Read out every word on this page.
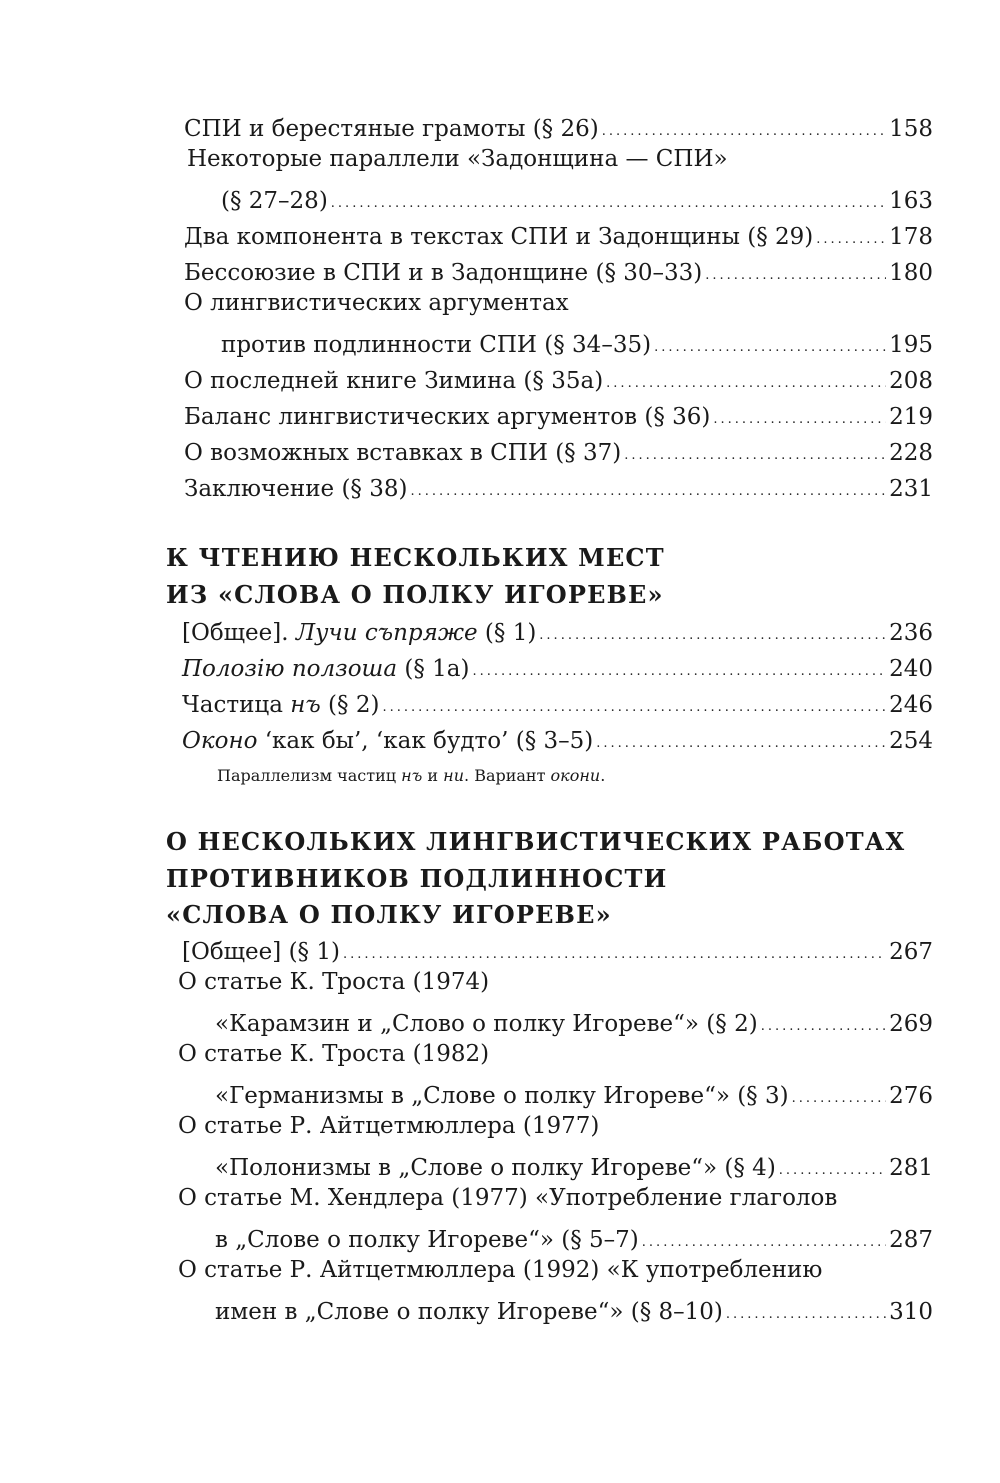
СПИ и берестяные грамоты (§ 26) .....	158
Некоторые параллели «Задонщина — СПИ»
(§ 27–28) .....	163
Два компонента в текстах СПИ и Задонщины (§ 29) .....	178
Бессоюзие в СПИ и в Задонщине (§ 30–33) .....	180
О лингвистических аргументах
против подлинности СПИ (§ 34–35) .....	195
О последней книге Зимина (§ 35а) .....	208
Баланс лингвистических аргументов (§ 36) .....	219
О возможных вставках в СПИ (§ 37) .....	228
Заключение (§ 38) .....	231
К ЧТЕНИЮ НЕСКОЛЬКИХ МЕСТ
ИЗ «СЛОВА О ПОЛКУ ИГОРЕВЕ»
[Общее]. Лучи съпряже (§ 1) .....	236
Полозію ползоша (§ 1а) .....	240
Частица нъ (§ 2) .....	246
Оконо ‘как бы’, ‘как будто’ (§ 3–5) .....	254
Параллелизм частиц нъ и ни. Вариант окони.
О НЕСКОЛЬКИХ ЛИНГВИСТИЧЕСКИХ РАБОТАХ
ПРОТИВНИКОВ ПОДЛИННОСТИ
«СЛОВА О ПОЛКУ ИГОРЕВЕ»
[Общее] (§ 1) .....	267
О статье К. Троста (1974)
«Карамзин и „Слово о полку Игореве“» (§ 2) .....	269
О статье К. Троста (1982)
«Германизмы в „Слове о полку Игореве“» (§ 3) .....	276
О статье Р. Айтцетмюллера (1977)
«Полонизмы в „Слове о полку Игореве“» (§ 4) .....	281
О статье М. Хендлера (1977) «Употребление глаголов
в „Слове о полку Игореве“» (§ 5–7) .....	287
О статье Р. Айтцетмюллера (1992) «К употреблению
имен в „Слове о полку Игореве“» (§ 8–10) .....	310
